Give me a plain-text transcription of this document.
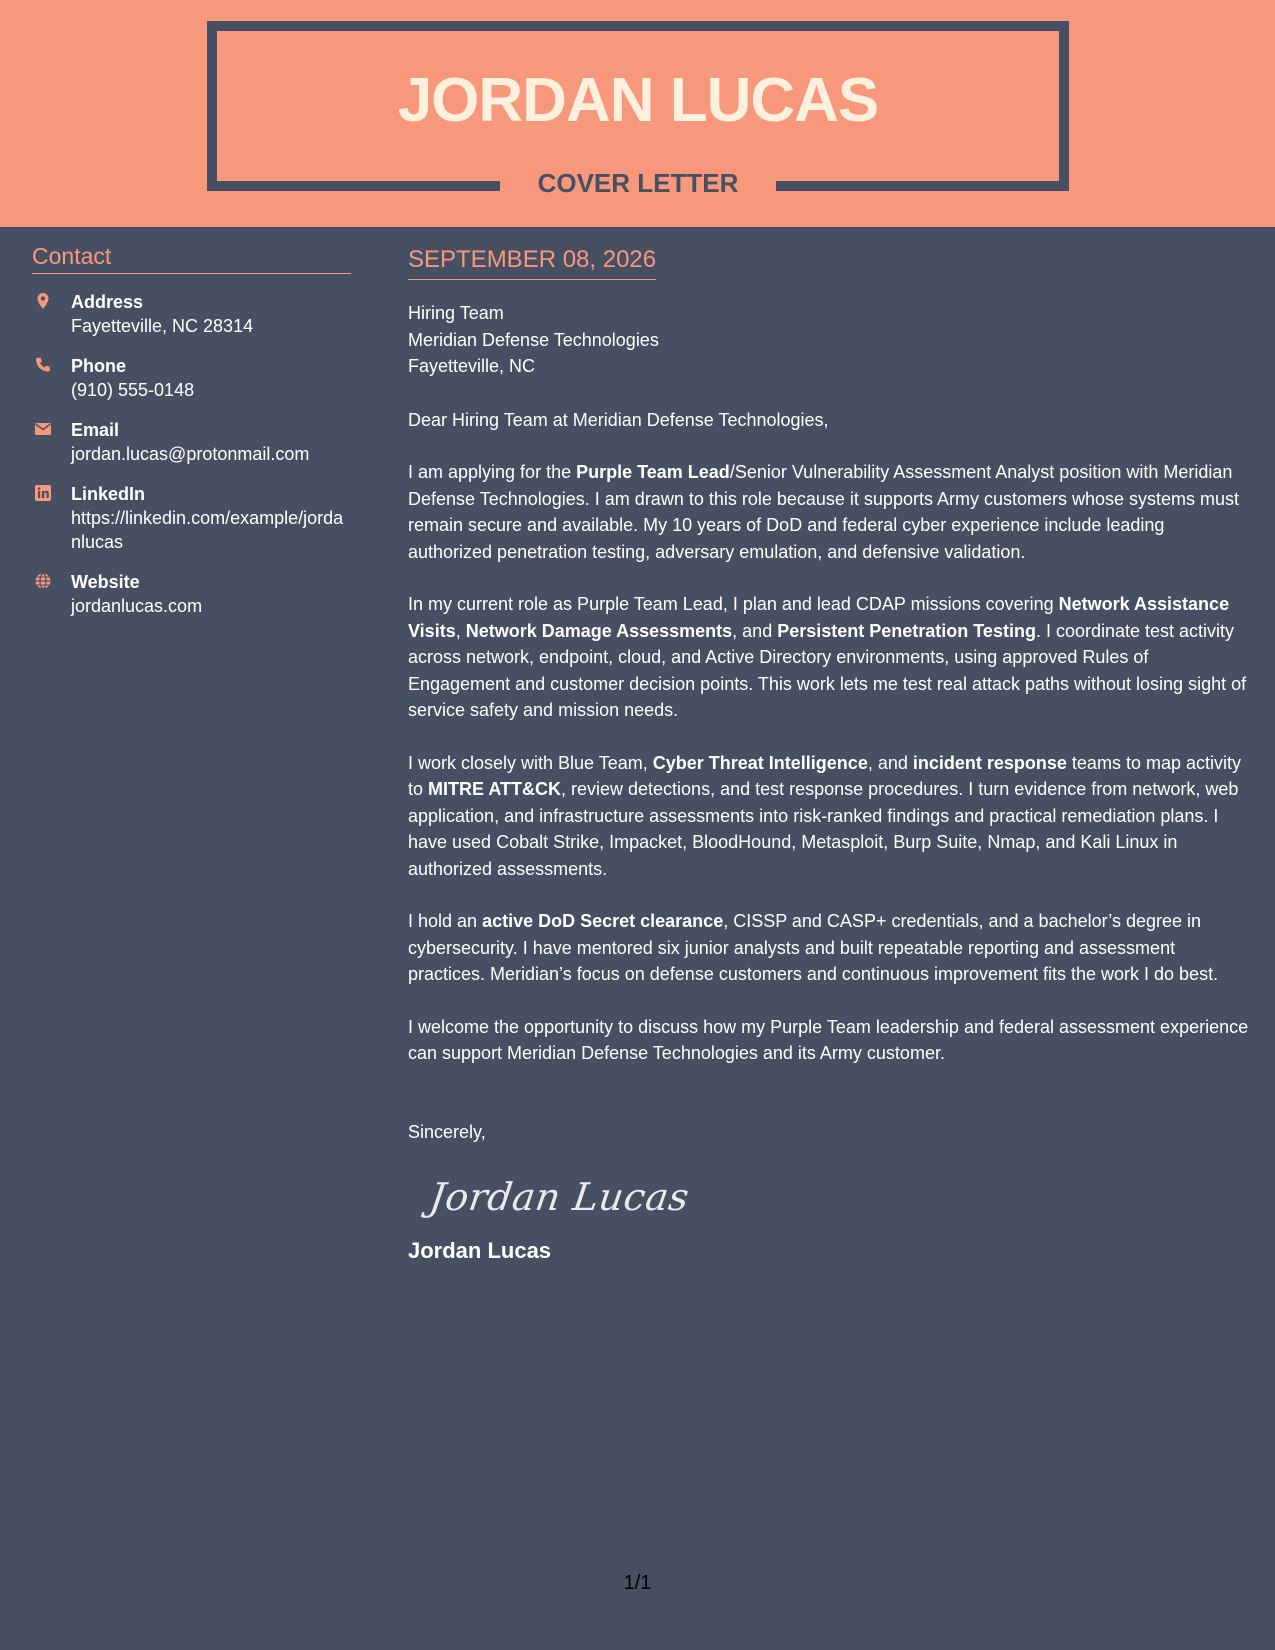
JORDAN LUCAS
COVER LETTER
Contact
Address
Fayetteville, NC 28314
Phone
(910) 555-0148
Email
jordan.lucas@protonmail.com
LinkedIn
https://linkedin.com/example/jordanlucas
Website
jordanlucas.com
SEPTEMBER 08, 2026
Hiring Team
Meridian Defense Technologies
Fayetteville, NC
Dear Hiring Team at Meridian Defense Technologies,
I am applying for the Purple Team Lead/Senior Vulnerability Assessment Analyst position with Meridian Defense Technologies. I am drawn to this role because it supports Army customers whose systems must remain secure and available. My 10 years of DoD and federal cyber experience include leading authorized penetration testing, adversary emulation, and defensive validation.
In my current role as Purple Team Lead, I plan and lead CDAP missions covering Network Assistance Visits, Network Damage Assessments, and Persistent Penetration Testing. I coordinate test activity across network, endpoint, cloud, and Active Directory environments, using approved Rules of Engagement and customer decision points. This work lets me test real attack paths without losing sight of service safety and mission needs.
I work closely with Blue Team, Cyber Threat Intelligence, and incident response teams to map activity to MITRE ATT&CK, review detections, and test response procedures. I turn evidence from network, web application, and infrastructure assessments into risk-ranked findings and practical remediation plans. I have used Cobalt Strike, Impacket, BloodHound, Metasploit, Burp Suite, Nmap, and Kali Linux in authorized assessments.
I hold an active DoD Secret clearance, CISSP and CASP+ credentials, and a bachelor’s degree in cybersecurity. I have mentored six junior analysts and built repeatable reporting and assessment practices. Meridian’s focus on defense customers and continuous improvement fits the work I do best.
I welcome the opportunity to discuss how my Purple Team leadership and federal assessment experience can support Meridian Defense Technologies and its Army customer.
Sincerely,
Jordan Lucas
Jordan Lucas
1/1
